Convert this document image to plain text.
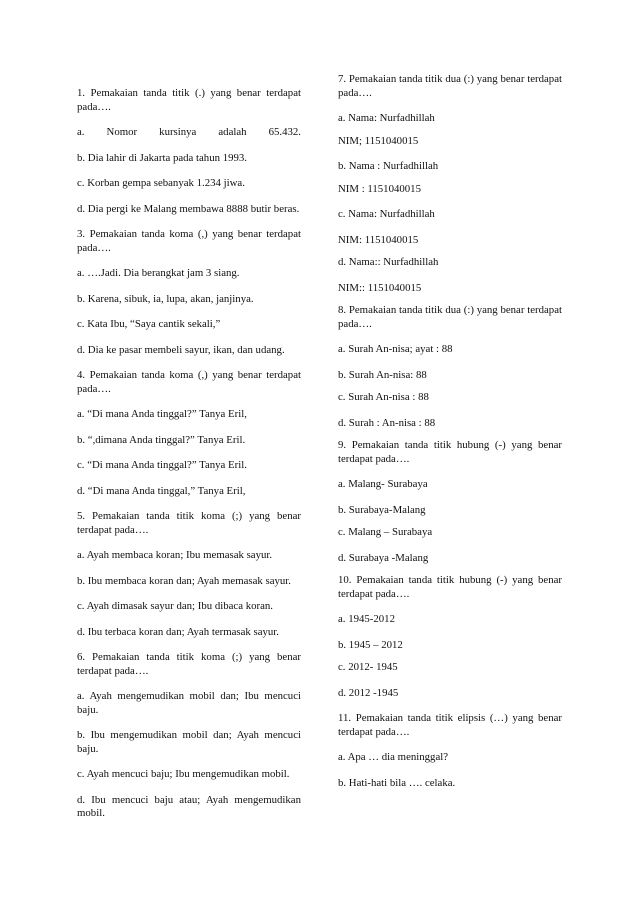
1. Pemakaian tanda titik (.) yang benar terdapat pada….

a. Nomor kursinya adalah 65.432.

b. Dia lahir di Jakarta pada tahun 1993.

c. Korban gempa sebanyak 1.234 jiwa.

d. Dia pergi ke Malang membawa 8888 butir beras.

3. Pemakaian tanda koma (,) yang benar terdapat pada….

a. ….Jadi. Dia berangkat jam 3 siang.

b. Karena, sibuk, ia, lupa, akan, janjinya.

c. Kata Ibu, “Saya cantik sekali,”

d. Dia ke pasar membeli sayur, ikan, dan udang.

4. Pemakaian tanda koma (,) yang benar terdapat pada….

a. “Di mana Anda tinggal?” Tanya Eril,

b. “,dimana Anda tinggal?” Tanya Eril.

c. “Di mana Anda tinggal?” Tanya Eril.

d. “Di mana Anda tinggal,” Tanya Eril,

5. Pemakaian tanda titik koma (;) yang benar terdapat pada….

a. Ayah membaca koran; Ibu memasak sayur.

b. Ibu membaca koran dan; Ayah memasak sayur.

c. Ayah dimasak sayur dan; Ibu dibaca koran.

d. Ibu terbaca koran dan; Ayah termasak sayur.

6. Pemakaian tanda titik koma (;) yang benar terdapat pada….

a. Ayah mengemudikan mobil dan; Ibu mencuci baju.

b. Ibu mengemudikan mobil dan; Ayah mencuci baju.

c. Ayah mencuci baju; Ibu mengemudikan mobil.

d. Ibu mencuci baju atau; Ayah mengemudikan mobil.

7. Pemakaian tanda titik dua (:) yang benar terdapat pada….

a. Nama: Nurfadhillah

NIM; 1151040015

b. Nama : Nurfadhillah

NIM : 1151040015

c. Nama: Nurfadhillah

NIM: 1151040015

d. Nama:: Nurfadhillah

NIM:: 1151040015

8. Pemakaian tanda titik dua (:) yang benar terdapat pada….

a. Surah An-nisa; ayat : 88

b. Surah An-nisa: 88

c. Surah An-nisa : 88

d. Surah : An-nisa : 88

9. Pemakaian tanda titik hubung (-) yang benar terdapat pada….

a. Malang- Surabaya

b. Surabaya-Malang

c. Malang – Surabaya

d. Surabaya -Malang

10. Pemakaian tanda titik hubung (-) yang benar terdapat pada….

a. 1945-2012

b. 1945 – 2012

c. 2012- 1945

d. 2012 -1945

11. Pemakaian tanda titik elipsis (…) yang benar terdapat pada….

a. Apa … dia meninggal?

b. Hati-hati bila …. celaka.
